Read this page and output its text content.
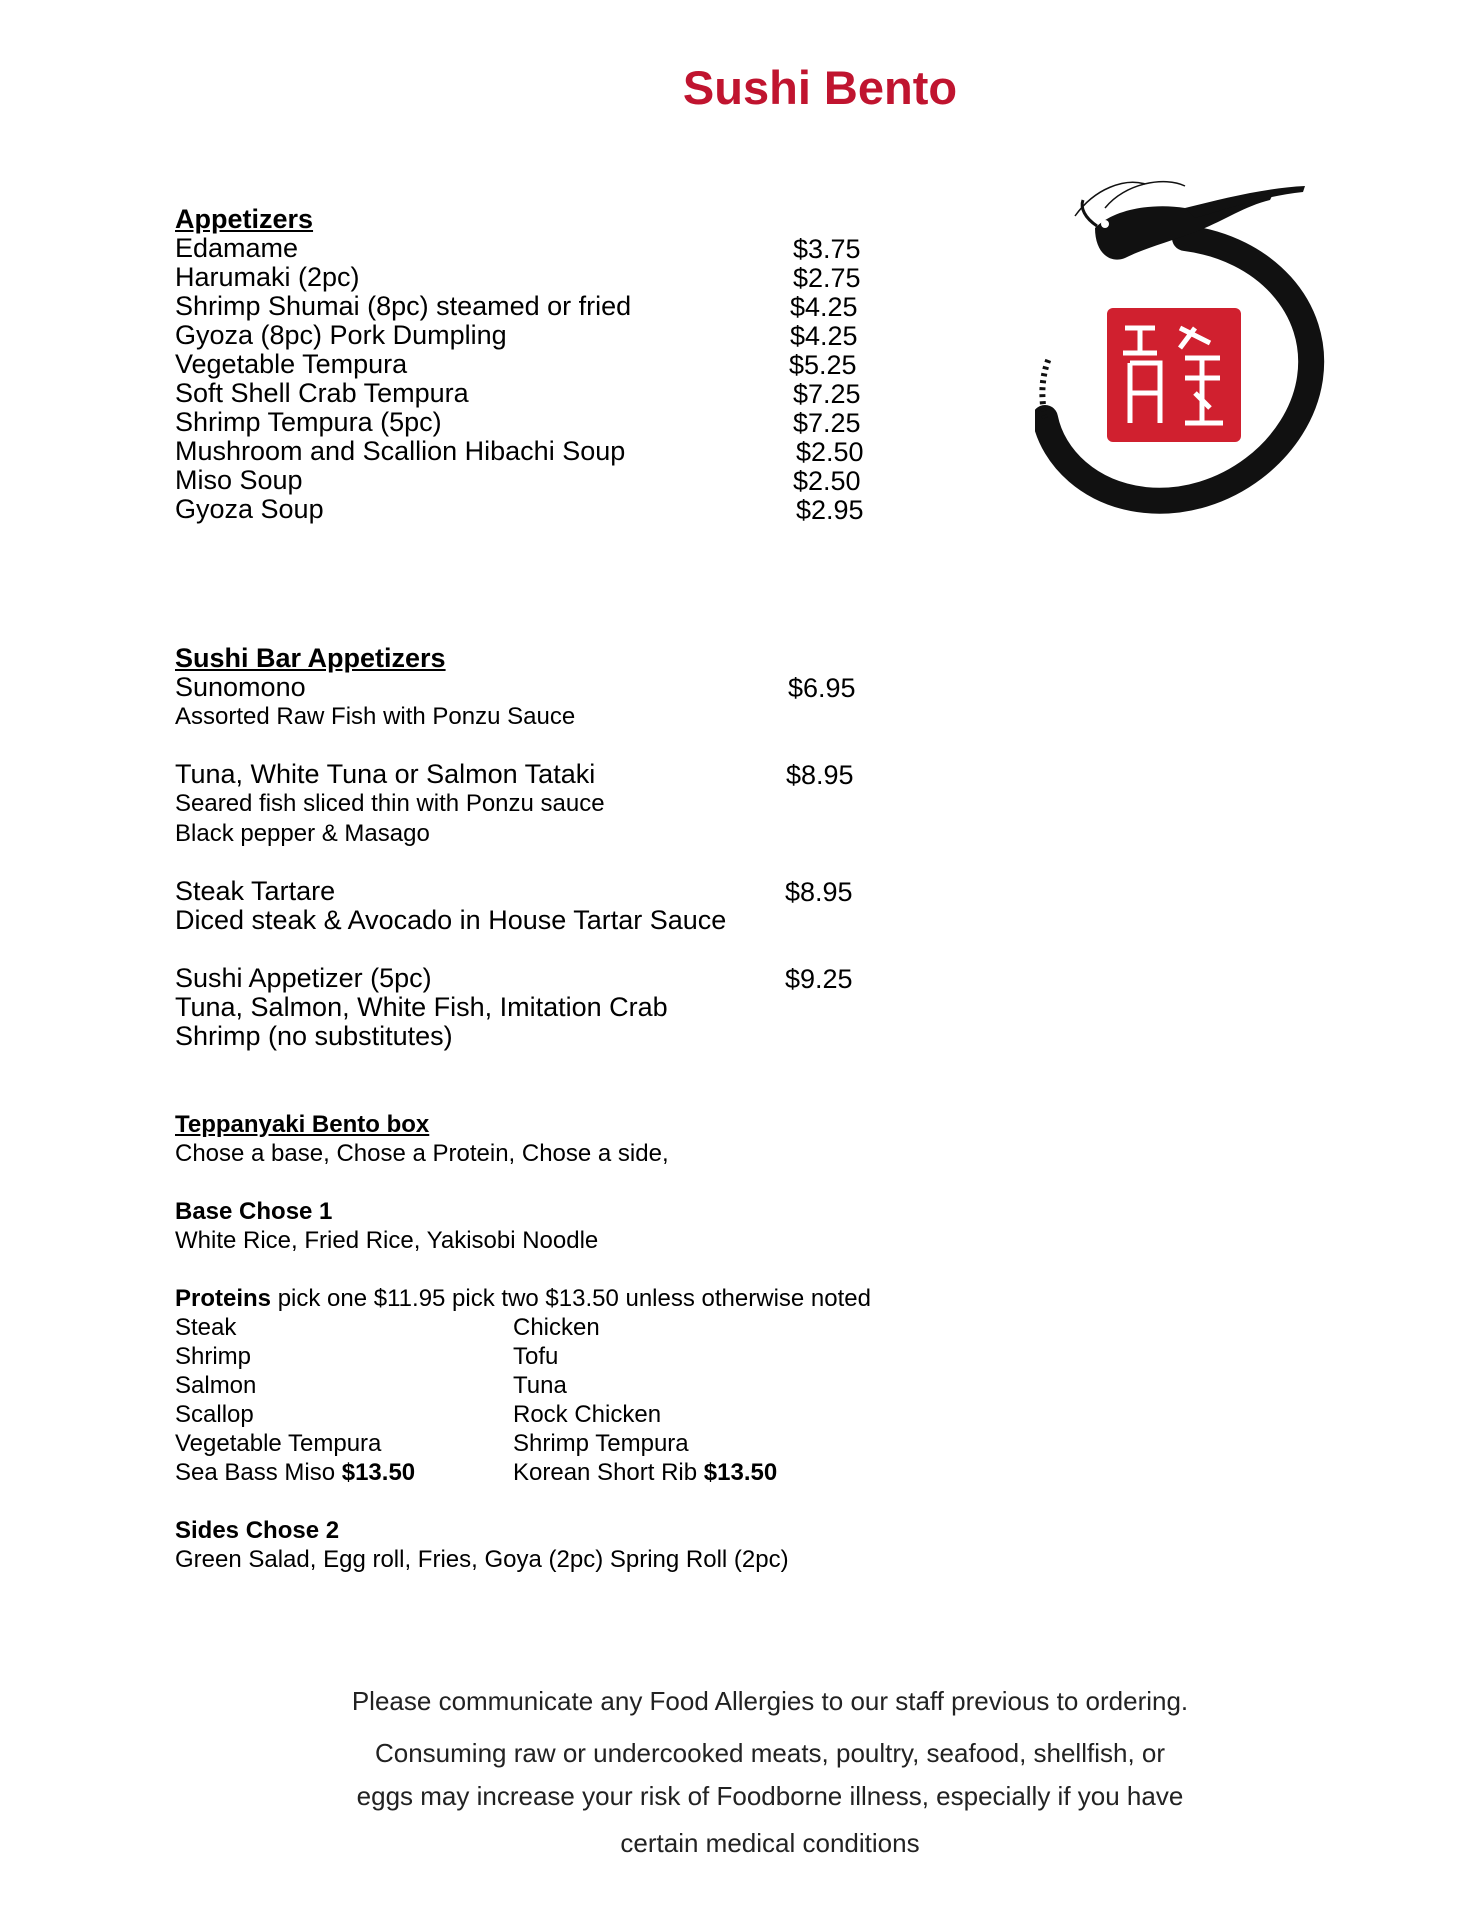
Sushi Bento
Appetizers
Edamame
Harumaki (2pc)
Shrimp Shumai (8pc) steamed or fried
Gyoza (8pc) Pork Dumpling
Vegetable Tempura
Soft Shell Crab Tempura
Shrimp Tempura (5pc)
Mushroom and Scallion Hibachi Soup
Miso Soup
Gyoza Soup
$3.75
$2.75
$4.25
$4.25
$5.25
$7.25
$7.25
$2.50
$2.50
$2.95
Sushi Bar Appetizers
Sunomono
Assorted Raw Fish with Ponzu Sauce
$6.95
Tuna, White Tuna or Salmon Tataki
Seared fish sliced thin with Ponzu sauce
Black pepper & Masago
$8.95
Steak Tartare
Diced steak & Avocado in House Tartar Sauce
$8.95
Sushi Appetizer (5pc)
Tuna, Salmon, White Fish, Imitation Crab
Shrimp (no substitutes)
$9.25
Teppanyaki Bento box
Chose a base, Chose a Protein, Chose a side,
Base Chose 1
White Rice, Fried Rice, Yakisobi Noodle
Proteins pick one $11.95 pick two $13.50 unless otherwise noted
Steak
Shrimp
Salmon
Scallop
Vegetable Tempura
Sea Bass Miso $13.50
Chicken
Tofu
Tuna
Rock Chicken
Shrimp Tempura
Korean Short Rib $13.50
Sides Chose 2
Green Salad, Egg roll, Fries, Goya (2pc) Spring Roll (2pc)
Please communicate any Food Allergies to our staff previous to ordering.
Consuming raw or undercooked meats, poultry, seafood, shellfish, or
eggs may increase your risk of Foodborne illness, especially if you have
certain medical conditions
